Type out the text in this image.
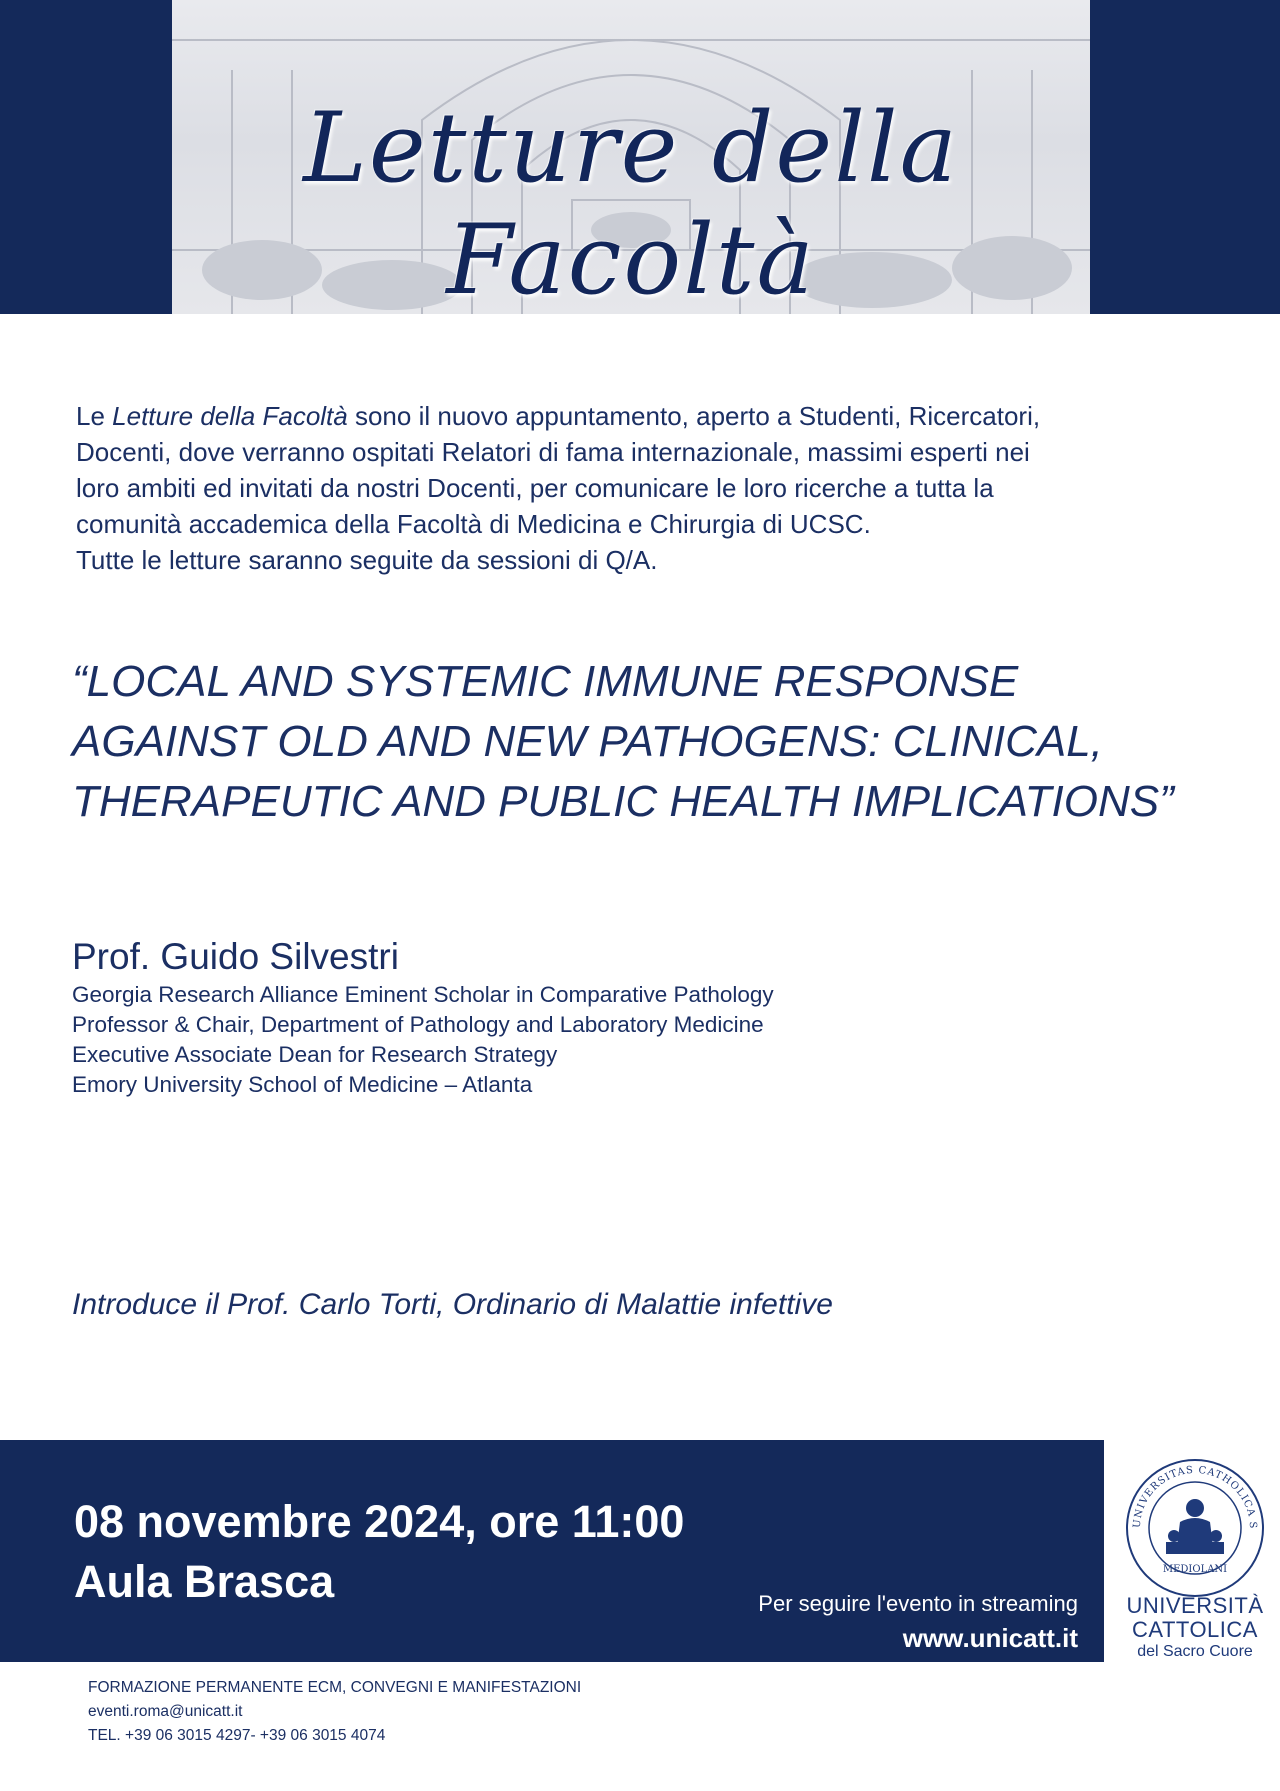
Letture della Facoltà
Le Letture della Facoltà sono il nuovo appuntamento, aperto a Studenti, Ricercatori,
Docenti, dove verranno ospitati Relatori di fama internazionale, massimi esperti nei
loro ambiti ed invitati da nostri Docenti, per comunicare le loro ricerche a tutta la
comunità accademica della Facoltà di Medicina e Chirurgia di UCSC.
Tutte le letture saranno seguite da sessioni di Q/A.
“LOCAL AND SYSTEMIC IMMUNE RESPONSE
AGAINST OLD AND NEW PATHOGENS: CLINICAL,
THERAPEUTIC AND PUBLIC HEALTH IMPLICATIONS”
Prof. Guido Silvestri
Georgia Research Alliance Eminent Scholar in Comparative Pathology
Professor & Chair, Department of Pathology and Laboratory Medicine
Executive Associate Dean for Research Strategy
Emory University School of Medicine – Atlanta
Introduce il Prof. Carlo Torti, Ordinario di Malattie infettive
08 novembre 2024, ore 11:00
Aula Brasca	Per seguire l'evento in streaming
www.unicatt.it
UNIVERSITAS CATHOLICA S
MEDIOLANI
UNIVERSITÀ
CATTOLICA
del Sacro Cuore
FORMAZIONE PERMANENTE ECM, CONVEGNI E MANIFESTAZIONI
eventi.roma@unicatt.it
TEL. +39 06 3015 4297- +39 06 3015 4074
